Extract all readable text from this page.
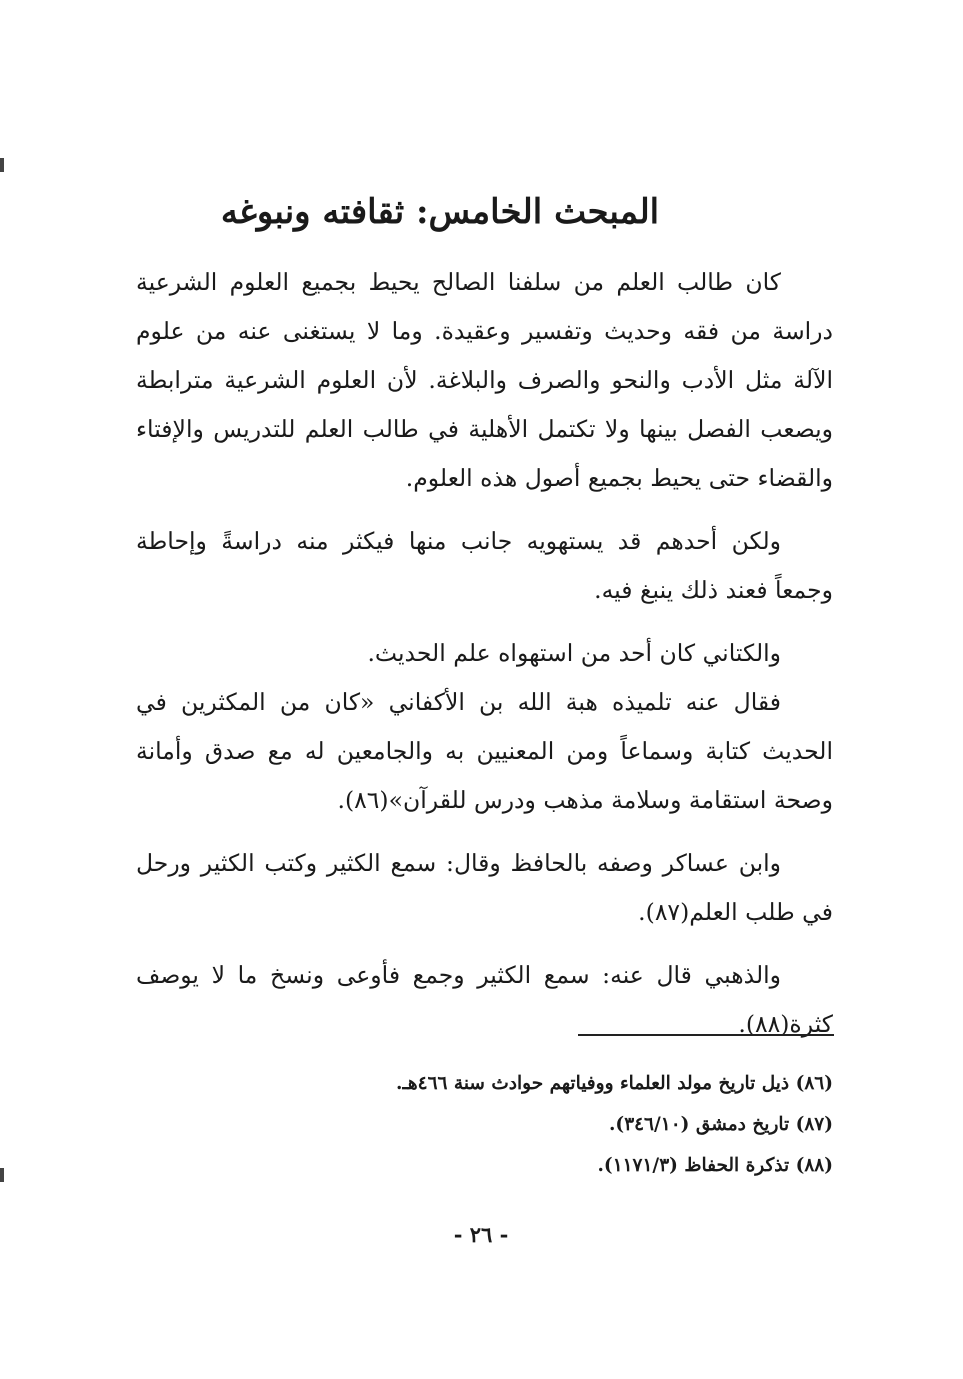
المبحث الخامس: ثقافته ونبوغه

كان طالب العلم من سلفنا الصالح يحيط بجميع العلوم الشرعية دراسة من فقه وحديث وتفسير وعقيدة. وما لا يستغنى عنه من علوم الآلة مثل الأدب والنحو والصرف والبلاغة. لأن العلوم الشرعية مترابطة ويصعب الفصل بينها ولا تكتمل الأهلية في طالب العلم للتدريس والإفتاء والقضاء حتى يحيط بجميع أصول هذه العلوم.

ولكن أحدهم قد يستهويه جانب منها فيكثر منه دراسةً وإحاطة وجمعاً فعند ذلك ينبغ فيه.

والكتاني كان أحد من استهواه علم الحديث.

فقال عنه تلميذه هبة الله بن الأكفاني «كان من المكثرين في الحديث كتابة وسماعاً ومن المعنيين به والجامعين له مع صدق وأمانة وصحة استقامة وسلامة مذهب ودرس للقرآن»(٨٦).

وابن عساكر وصفه بالحافظ وقال: سمع الكثير وكتب الكثير ورحل في طلب العلم(٨٧).

والذهبي قال عنه: سمع الكثير وجمع فأوعى ونسخ ما لا يوصف كثرة(٨٨).

(٨٦) ذيل تاريخ مولد العلماء ووفياتهم حوادث سنة ٤٦٦هـ.
(٨٧) تاريخ دمشق (٣٤٦/١٠).
(٨٨) تذكرة الحفاظ (١١٧١/٣).
- ٢٦ -
